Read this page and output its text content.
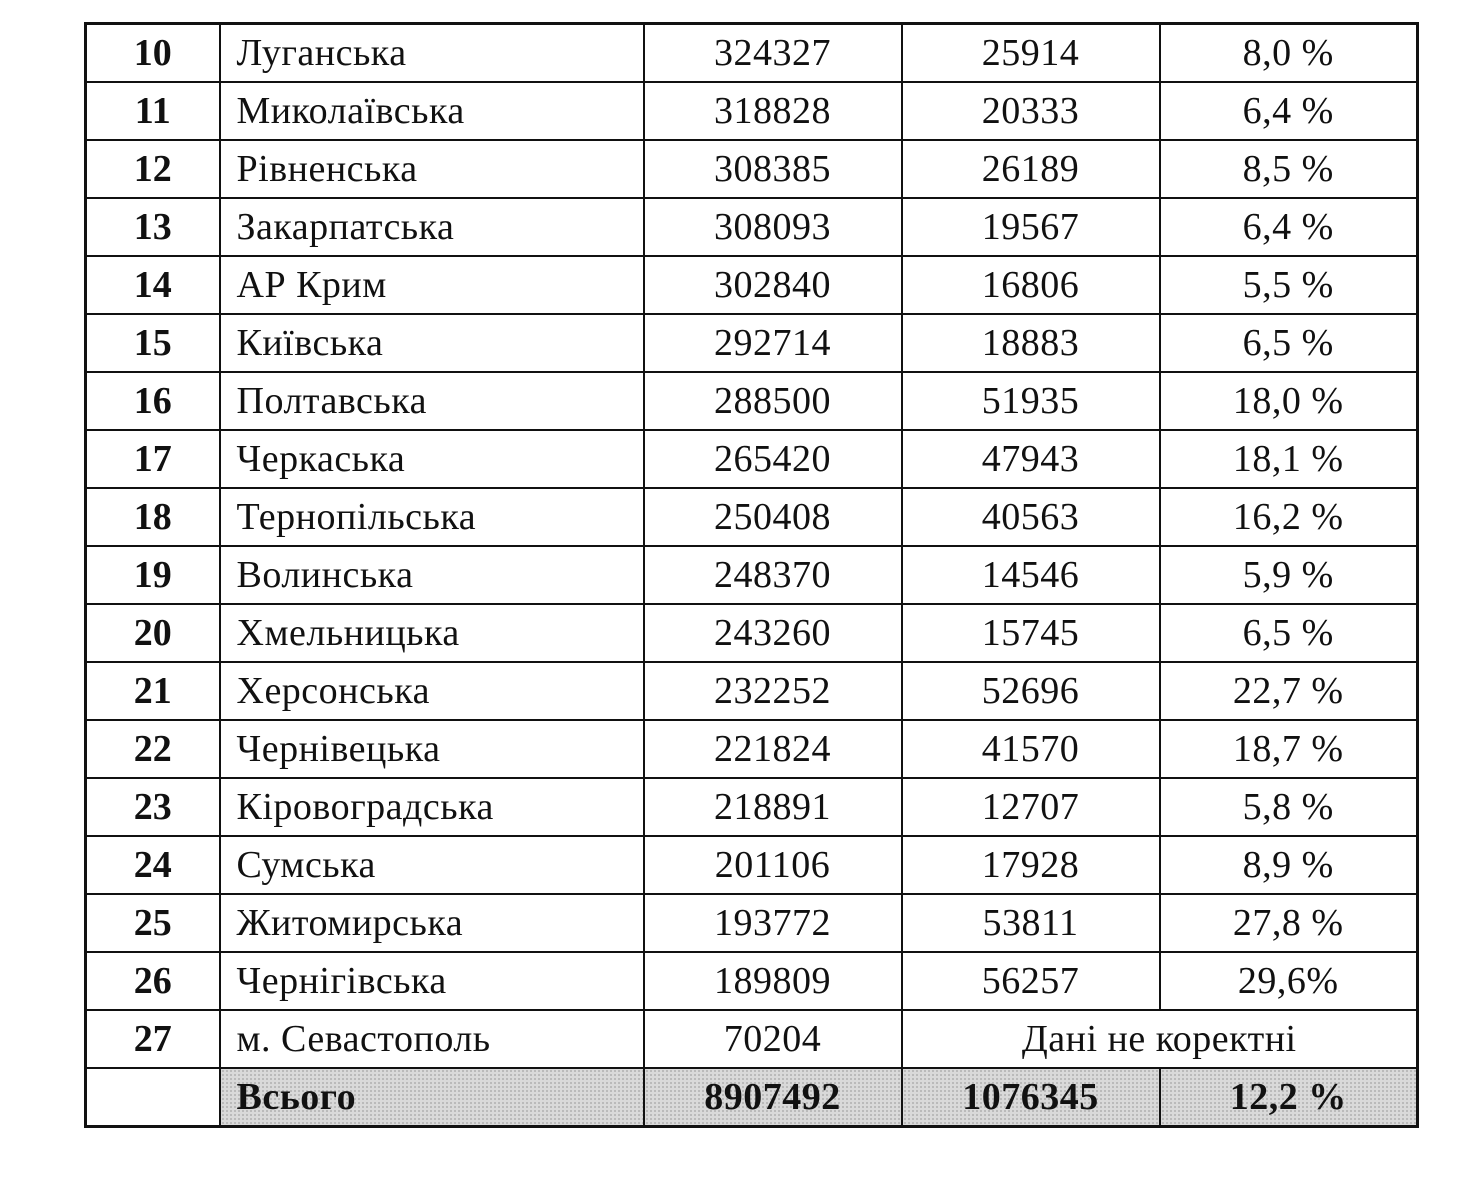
10	Луганська	324327	25914	8,0 %
11	Миколаївська	318828	20333	6,4 %
12	Рівненська	308385	26189	8,5 %
13	Закарпатська	308093	19567	6,4 %
14	АР Крим	302840	16806	5,5 %
15	Київська	292714	18883	6,5 %
16	Полтавська	288500	51935	18,0 %
17	Черкаська	265420	47943	18,1 %
18	Тернопільська	250408	40563	16,2 %
19	Волинська	248370	14546	5,9 %
20	Хмельницька	243260	15745	6,5 %
21	Херсонська	232252	52696	22,7 %
22	Чернівецька	221824	41570	18,7 %
23	Кіровоградська	218891	12707	5,8 %
24	Сумська	201106	17928	8,9 %
25	Житомирська	193772	53811	27,8 %
26	Чернігівська	189809	56257	29,6%
27	м. Севастополь	70204	Дані не коректні	
	Всього	8907492	1076345	12,2 %
